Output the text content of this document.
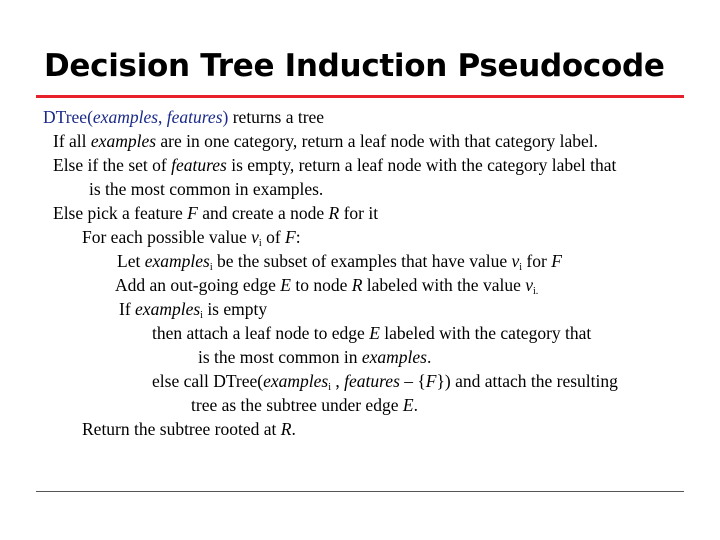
Decision Tree Induction Pseudocode
DTree(examples, features) returns a tree
If all examples are in one category, return a leaf node with that category label.
Else if the set of features is empty, return a leaf node with the category label that
is the most common in examples.
Else pick a feature F and create a node R for it
For each possible value $v_i$ of F:
Let examples$_i$ be the subset of examples that have value $v_i$ for F
Add an out-going edge E to node R labeled with the value $v_{i.}$
If examples$_i$ is empty
then attach a leaf node to edge E labeled with the category that
is the most common in examples.
else call DTree(examples$_i$ , features – {F}) and attach the resulting
tree as the subtree under edge E.
Return the subtree rooted at R.
